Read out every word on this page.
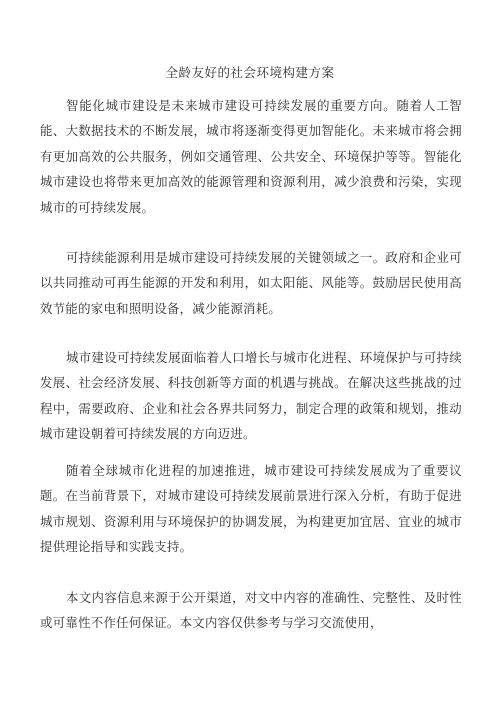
全龄友好的社会环境构建方案

智能化城市建设是未来城市建设可持续发展的重要方向。随着人工智能、大数据技术的不断发展，城市将逐渐变得更加智能化。未来城市将会拥有更加高效的公共服务，例如交通管理、公共安全、环境保护等等。智能化城市建设也将带来更加高效的能源管理和资源利用，减少浪费和污染，实现城市的可持续发展。

可持续能源利用是城市建设可持续发展的关键领域之一。政府和企业可以共同推动可再生能源的开发和利用，如太阳能、风能等。鼓励居民使用高效节能的家电和照明设备，减少能源消耗。

城市建设可持续发展面临着人口增长与城市化进程、环境保护与可持续发展、社会经济发展、科技创新等方面的机遇与挑战。在解决这些挑战的过程中，需要政府、企业和社会各界共同努力，制定合理的政策和规划，推动城市建设朝着可持续发展的方向迈进。

随着全球城市化进程的加速推进，城市建设可持续发展成为了重要议题。在当前背景下，对城市建设可持续发展前景进行深入分析，有助于促进城市规划、资源利用与环境保护的协调发展，为构建更加宜居、宜业的城市提供理论指导和实践支持。

本文内容信息来源于公开渠道，对文中内容的准确性、完整性、及时性或可靠性不作任何保证。本文内容仅供参考与学习交流使用，
